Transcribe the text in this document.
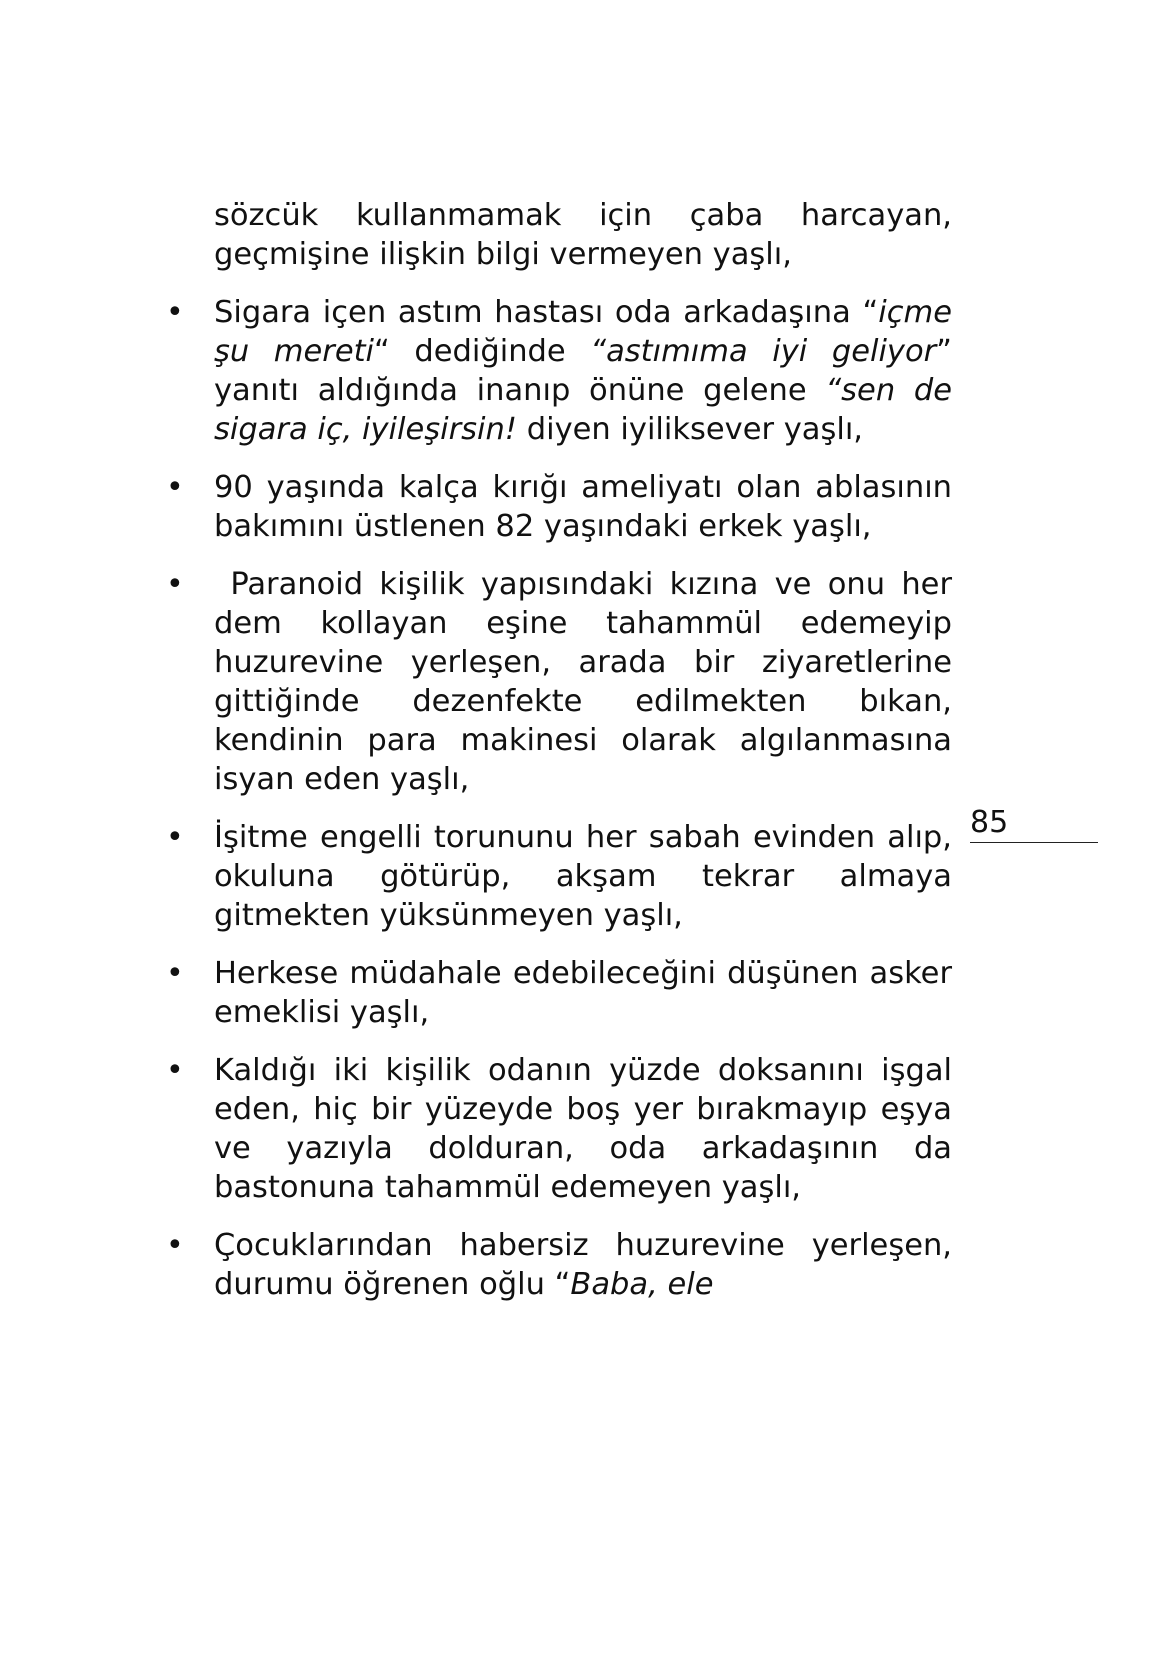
sözcük kullanmamak için çaba harcayan, geçmişine ilişkin bilgi vermeyen yaşlı,

• Sigara içen astım hastası oda arkadaşına “içme şu mereti“ dediğinde “astımıma iyi geliyor” yanıtı aldığında inanıp önüne gelene “sen de sigara iç, iyileşirsin! diyen iyiliksever yaşlı,
• 90 yaşında kalça kırığı ameliyatı olan ablasının bakımını üstlenen 82 yaşındaki erkek yaşlı,
• Paranoid kişilik yapısındaki kızına ve onu her dem kollayan eşine tahammül edemeyip huzurevine yerleşen, arada bir ziyaretlerine gittiğinde dezenfekte edilmekten bıkan, kendinin para makinesi olarak algılanmasına isyan eden yaşlı,
• İşitme engelli torununu her sabah evinden alıp, okuluna götürüp, akşam tekrar almaya gitmekten yüksünmeyen yaşlı,
• Herkese müdahale edebileceğini düşünen asker emeklisi yaşlı,
• Kaldığı iki kişilik odanın yüzde doksanını işgal eden, hiç bir yüzeyde boş yer bırakmayıp eşya ve yazıyla dolduran, oda arkadaşının da bastonuna tahammül edemeyen yaşlı,
• Çocuklarından habersiz huzurevine yerleşen, durumu öğrenen oğlu “Baba, ele
85
